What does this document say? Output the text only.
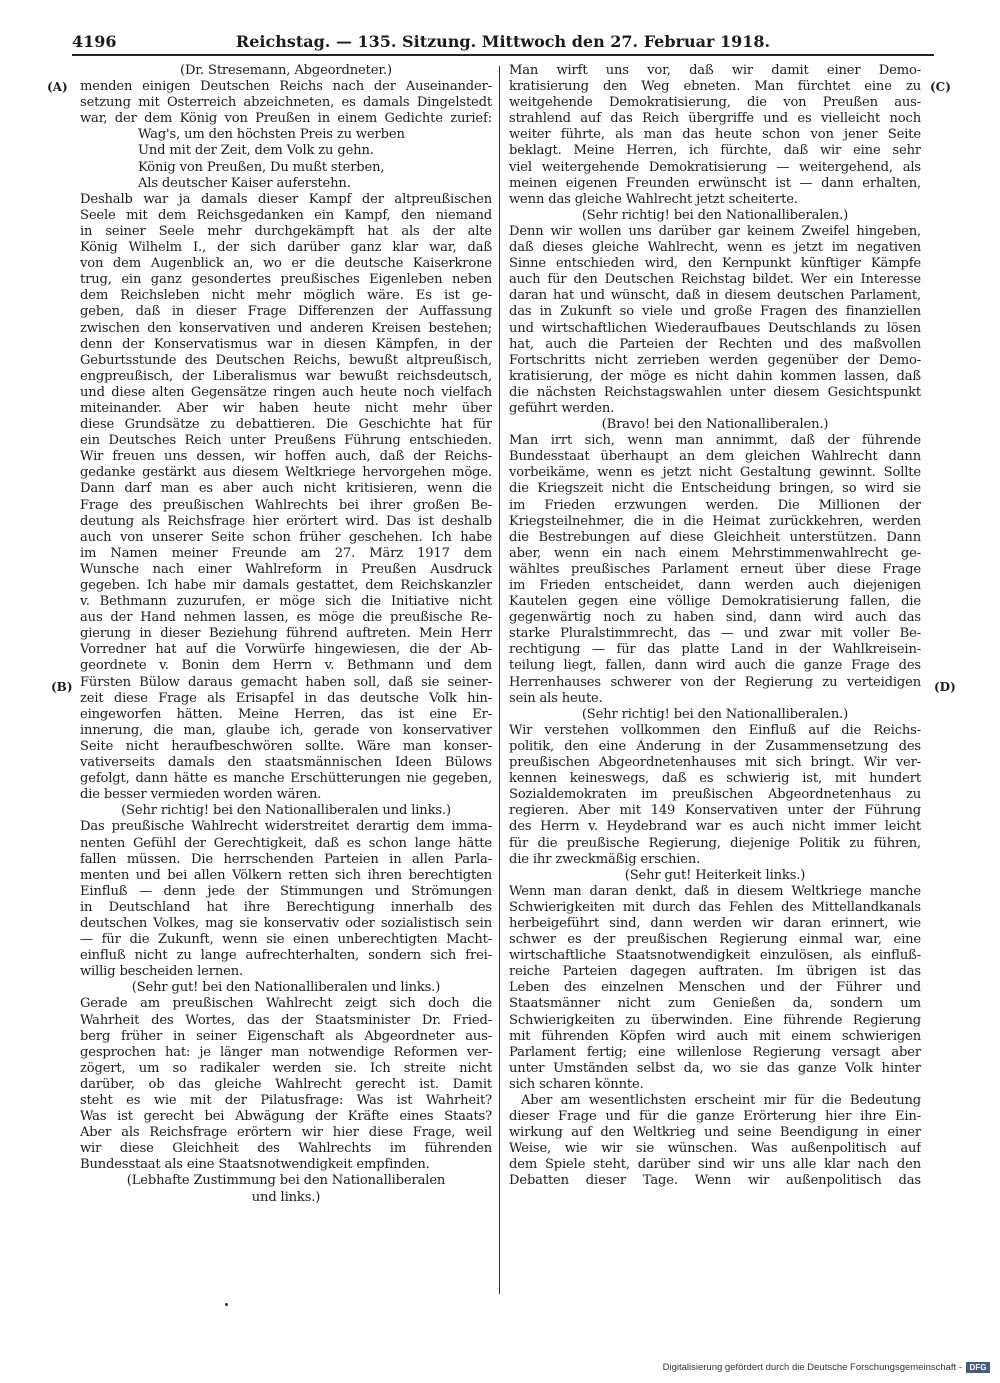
4196	Reichstag. — 135. Sitzung. Mittwoch den 27. Februar 1918.
(A)
(B)
(C)
(D)
(Dr. Stresemann, Abgeordneter.)
menden einigen Deutschen Reichs nach der Auseinander-
setzung mit Österreich abzeichneten, es damals Dingelstedt
war, der dem König von Preußen in einem Gedichte zurief:
Wag's, um den höchsten Preis zu werben
Und mit der Zeit, dem Volk zu gehn.
König von Preußen, Du mußt sterben,
Als deutscher Kaiser auferstehn.
Deshalb war ja damals dieser Kampf der altpreußischen
Seele mit dem Reichsgedanken ein Kampf, den niemand
in seiner Seele mehr durchgekämpft hat als der alte
König Wilhelm I., der sich darüber ganz klar war, daß
von dem Augenblick an, wo er die deutsche Kaiserkrone
trug, ein ganz gesondertes preußisches Eigenleben neben
dem Reichsleben nicht mehr möglich wäre. Es ist ge-
geben, daß in dieser Frage Differenzen der Auffassung
zwischen den konservativen und anderen Kreisen bestehen;
denn der Konservatismus war in diesen Kämpfen, in der
Geburtsstunde des Deutschen Reichs, bewußt altpreußisch,
engpreußisch, der Liberalismus war bewußt reichsdeutsch,
und diese alten Gegensätze ringen auch heute noch vielfach
miteinander. Aber wir haben heute nicht mehr über
diese Grundsätze zu debattieren. Die Geschichte hat für
ein Deutsches Reich unter Preußens Führung entschieden.
Wir freuen uns dessen, wir hoffen auch, daß der Reichs-
gedanke gestärkt aus diesem Weltkriege hervorgehen möge.
Dann darf man es aber auch nicht kritisieren, wenn die
Frage des preußischen Wahlrechts bei ihrer großen Be-
deutung als Reichsfrage hier erörtert wird. Das ist deshalb
auch von unserer Seite schon früher geschehen. Ich habe
im Namen meiner Freunde am 27. März 1917 dem
Wunsche nach einer Wahlreform in Preußen Ausdruck
gegeben. Ich habe mir damals gestattet, dem Reichskanzler
v. Bethmann zuzurufen, er möge sich die Initiative nicht
aus der Hand nehmen lassen, es möge die preußische Re-
gierung in dieser Beziehung führend auftreten. Mein Herr
Vorredner hat auf die Vorwürfe hingewiesen, die der Ab-
geordnete v. Bonin dem Herrn v. Bethmann und dem
Fürsten Bülow daraus gemacht haben soll, daß sie seiner-
zeit diese Frage als Erisapfel in das deutsche Volk hin-
eingeworfen hätten. Meine Herren, das ist eine Er-
innerung, die man, glaube ich, gerade von konservativer
Seite nicht heraufbeschwören sollte. Wäre man konser-
vativerseits damals den staatsmännischen Ideen Bülows
gefolgt, dann hätte es manche Erschütterungen nie gegeben,
die besser vermieden worden wären.
(Sehr richtig! bei den Nationalliberalen und links.)
Das preußische Wahlrecht widerstreitet derartig dem imma-
nenten Gefühl der Gerechtigkeit, daß es schon lange hätte
fallen müssen. Die herrschenden Parteien in allen Parla-
menten und bei allen Völkern retten sich ihren berechtigten
Einfluß — denn jede der Stimmungen und Strömungen
in Deutschland hat ihre Berechtigung innerhalb des
deutschen Volkes, mag sie konservativ oder sozialistisch sein
— für die Zukunft, wenn sie einen unberechtigten Macht-
einfluß nicht zu lange aufrechterhalten, sondern sich frei-
willig bescheiden lernen.
(Sehr gut! bei den Nationalliberalen und links.)
Gerade am preußischen Wahlrecht zeigt sich doch die
Wahrheit des Wortes, das der Staatsminister Dr. Fried-
berg früher in seiner Eigenschaft als Abgeordneter aus-
gesprochen hat: je länger man notwendige Reformen ver-
zögert, um so radikaler werden sie. Ich streite nicht
darüber, ob das gleiche Wahlrecht gerecht ist. Damit
steht es wie mit der Pilatusfrage: Was ist Wahrheit?
Was ist gerecht bei Abwägung der Kräfte eines Staats?
Aber als Reichsfrage erörtern wir hier diese Frage, weil
wir diese Gleichheit des Wahlrechts im führenden
Bundesstaat als eine Staatsnotwendigkeit empfinden.
(Lebhafte Zustimmung bei den Nationalliberalen
und links.)
Man wirft uns vor, daß wir damit einer Demo-
kratisierung den Weg ebneten. Man fürchtet eine zu
weitgehende Demokratisierung, die von Preußen aus-
strahlend auf das Reich übergriffe und es vielleicht noch
weiter führte, als man das heute schon von jener Seite
beklagt. Meine Herren, ich fürchte, daß wir eine sehr
viel weitergehende Demokratisierung — weitergehend, als
meinen eigenen Freunden erwünscht ist — dann erhalten,
wenn das gleiche Wahlrecht jetzt scheiterte.
(Sehr richtig! bei den Nationalliberalen.)
Denn wir wollen uns darüber gar keinem Zweifel hingeben,
daß dieses gleiche Wahlrecht, wenn es jetzt im negativen
Sinne entschieden wird, den Kernpunkt künftiger Kämpfe
auch für den Deutschen Reichstag bildet. Wer ein Interesse
daran hat und wünscht, daß in diesem deutschen Parlament,
das in Zukunft so viele und große Fragen des finanziellen
und wirtschaftlichen Wiederaufbaues Deutschlands zu lösen
hat, auch die Parteien der Rechten und des maßvollen
Fortschritts nicht zerrieben werden gegenüber der Demo-
kratisierung, der möge es nicht dahin kommen lassen, daß
die nächsten Reichstagswahlen unter diesem Gesichtspunkt
geführt werden.
(Bravo! bei den Nationalliberalen.)
Man irrt sich, wenn man annimmt, daß der führende
Bundesstaat überhaupt an dem gleichen Wahlrecht dann
vorbeikäme, wenn es jetzt nicht Gestaltung gewinnt. Sollte
die Kriegszeit nicht die Entscheidung bringen, so wird sie
im Frieden erzwungen werden. Die Millionen der
Kriegsteilnehmer, die in die Heimat zurückkehren, werden
die Bestrebungen auf diese Gleichheit unterstützen. Dann
aber, wenn ein nach einem Mehrstimmenwahlrecht ge-
wähltes preußisches Parlament erneut über diese Frage
im Frieden entscheidet, dann werden auch diejenigen
Kautelen gegen eine völlige Demokratisierung fallen, die
gegenwärtig noch zu haben sind, dann wird auch das
starke Pluralstimmrecht, das — und zwar mit voller Be-
rechtigung — für das platte Land in der Wahlkreisein-
teilung liegt, fallen, dann wird auch die ganze Frage des
Herrenhauses schwerer von der Regierung zu verteidigen
sein als heute.
(Sehr richtig! bei den Nationalliberalen.)
Wir verstehen vollkommen den Einfluß auf die Reichs-
politik, den eine Änderung in der Zusammensetzung des
preußischen Abgeordnetenhauses mit sich bringt. Wir ver-
kennen keineswegs, daß es schwierig ist, mit hundert
Sozialdemokraten im preußischen Abgeordnetenhaus zu
regieren. Aber mit 149 Konservativen unter der Führung
des Herrn v. Heydebrand war es auch nicht immer leicht
für die preußische Regierung, diejenige Politik zu führen,
die ihr zweckmäßig erschien.
(Sehr gut! Heiterkeit links.)
Wenn man daran denkt, daß in diesem Weltkriege manche
Schwierigkeiten mit durch das Fehlen des Mittellandkanals
herbeigeführt sind, dann werden wir daran erinnert, wie
schwer es der preußischen Regierung einmal war, eine
wirtschaftliche Staatsnotwendigkeit einzulösen, als einfluß-
reiche Parteien dagegen auftraten. Im übrigen ist das
Leben des einzelnen Menschen und der Führer und
Staatsmänner nicht zum Genießen da, sondern um
Schwierigkeiten zu überwinden. Eine führende Regierung
mit führenden Köpfen wird auch mit einem schwierigen
Parlament fertig; eine willenlose Regierung versagt aber
unter Umständen selbst da, wo sie das ganze Volk hinter
sich scharen könnte.
Aber am wesentlichsten erscheint mir für die Bedeutung
dieser Frage und für die ganze Erörterung hier ihre Ein-
wirkung auf den Weltkrieg und seine Beendigung in einer
Weise, wie wir sie wünschen. Was außenpolitisch auf
dem Spiele steht, darüber sind wir uns alle klar nach den
Debatten dieser Tage. Wenn wir außenpolitisch das
Digitalisierung gefördert durch die Deutsche Forschungsgemeinschaft - DFG
